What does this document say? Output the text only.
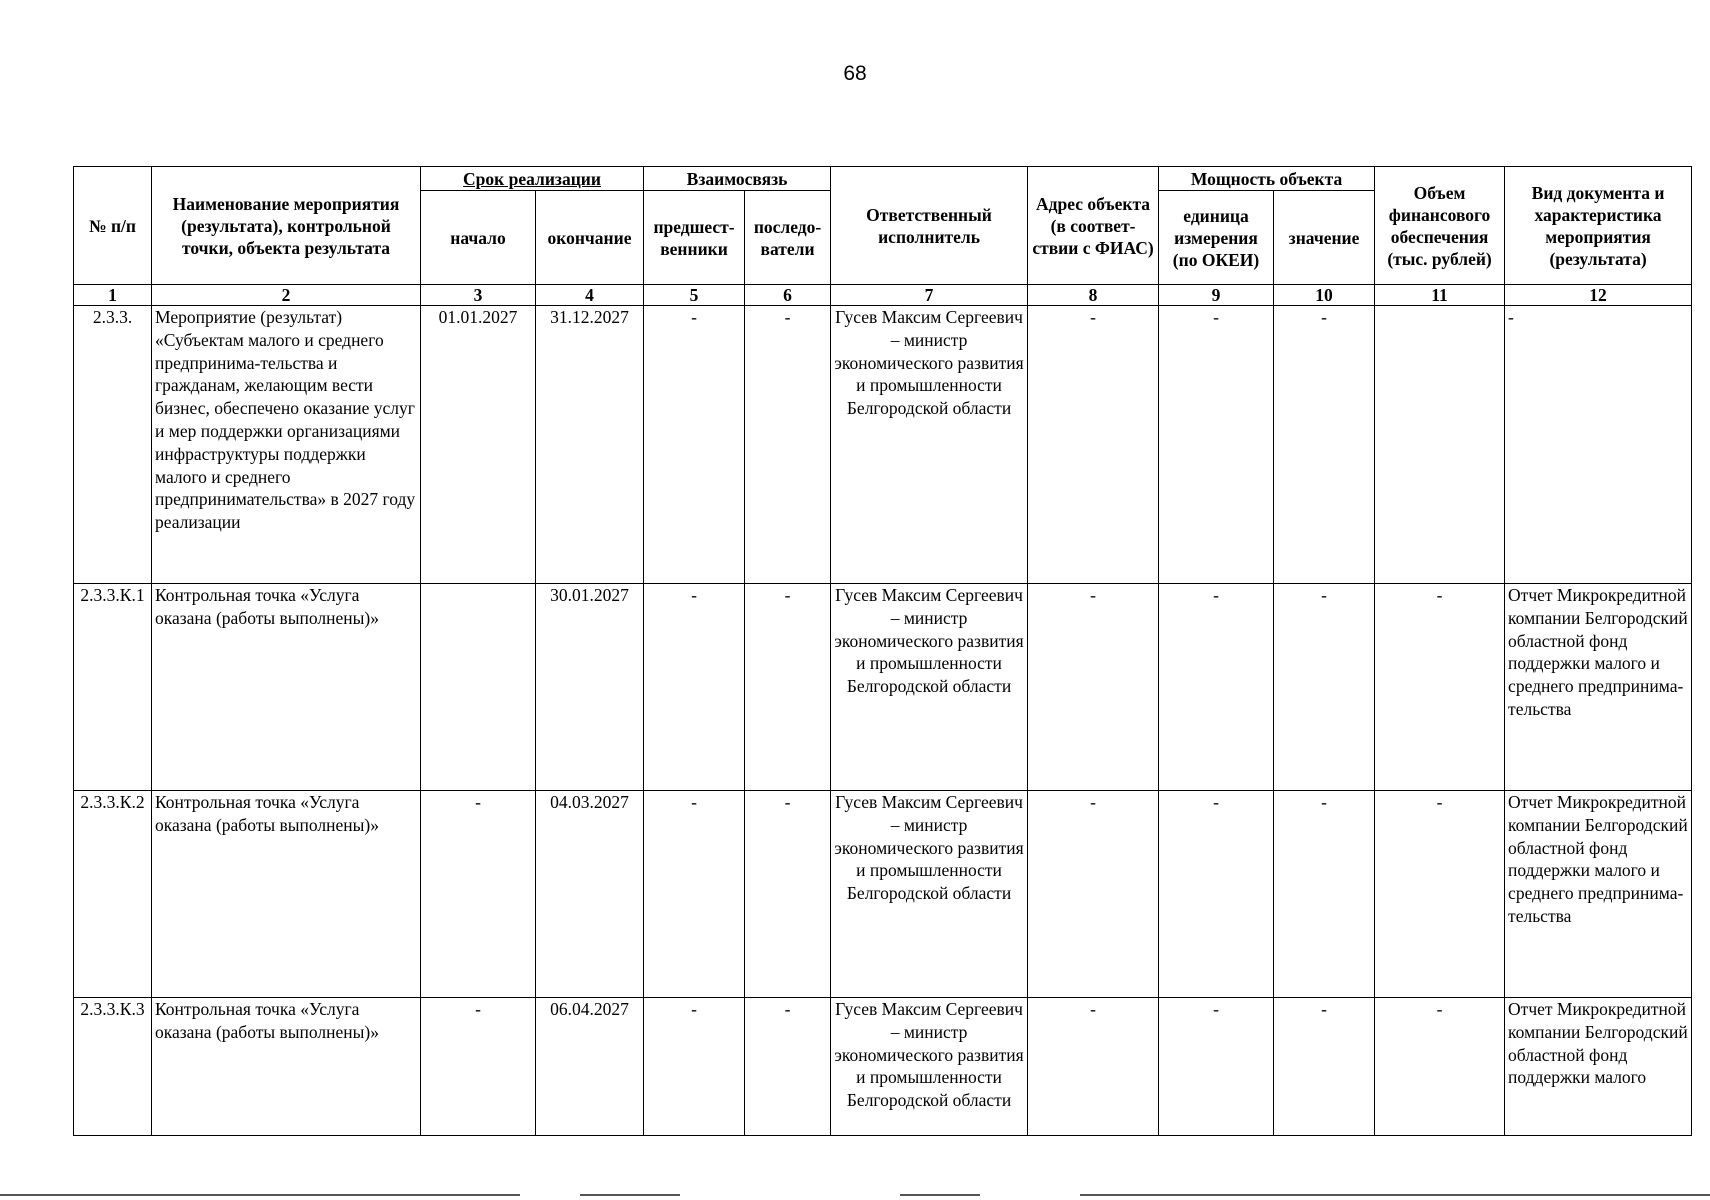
68
№ п/п	Наименование мероприятия (результата), контрольной точки, объекта результата	Срок реализации		Взаимосвязь		Ответственный исполнитель	Адрес объекта (в соответ-ствии с ФИАС)	Мощность объекта		Объем финансового обеспечения (тыс. рублей)	Вид документа и характеристика мероприятия (результата)
		начало	окончание	предшест-венники	последо-ватели			единица измерения (по ОКЕИ)	значение		
1	2	3	4	5	6	7	8	9	10	11	12
2.3.3.	Мероприятие (результат) «Субъектам малого и среднего предпринима-тельства и гражданам, желающим вести бизнес, обеспечено оказание услуг и мер поддержки организациями инфраструктуры поддержки малого и среднего предпринимательства» в 2027 году реализации	01.01.2027	31.12.2027	-	-	Гусев Максим Сергеевич – министр экономического развития и промышленности Белгородской области	-	-	-		-
2.3.3.К.1	Контрольная точка «Услуга оказана (работы выполнены)»		30.01.2027	-	-	Гусев Максим Сергеевич – министр экономического развития и промышленности Белгородской области	-	-	-	-	Отчет Микрокредитной компании Белгородский областной фонд поддержки малого и среднего предпринима-тельства
2.3.3.К.2	Контрольная точка «Услуга оказана (работы выполнены)»	-	04.03.2027	-	-	Гусев Максим Сергеевич – министр экономического развития и промышленности Белгородской области	-	-	-	-	Отчет Микрокредитной компании Белгородский областной фонд поддержки малого и среднего предпринима-тельства
2.3.3.К.3	Контрольная точка «Услуга оказана (работы выполнены)»	-	06.04.2027	-	-	Гусев Максим Сергеевич – министр экономического развития и промышленности Белгородской области	-	-	-	-	Отчет Микрокредитной компании Белгородский областной фонд поддержки малого
